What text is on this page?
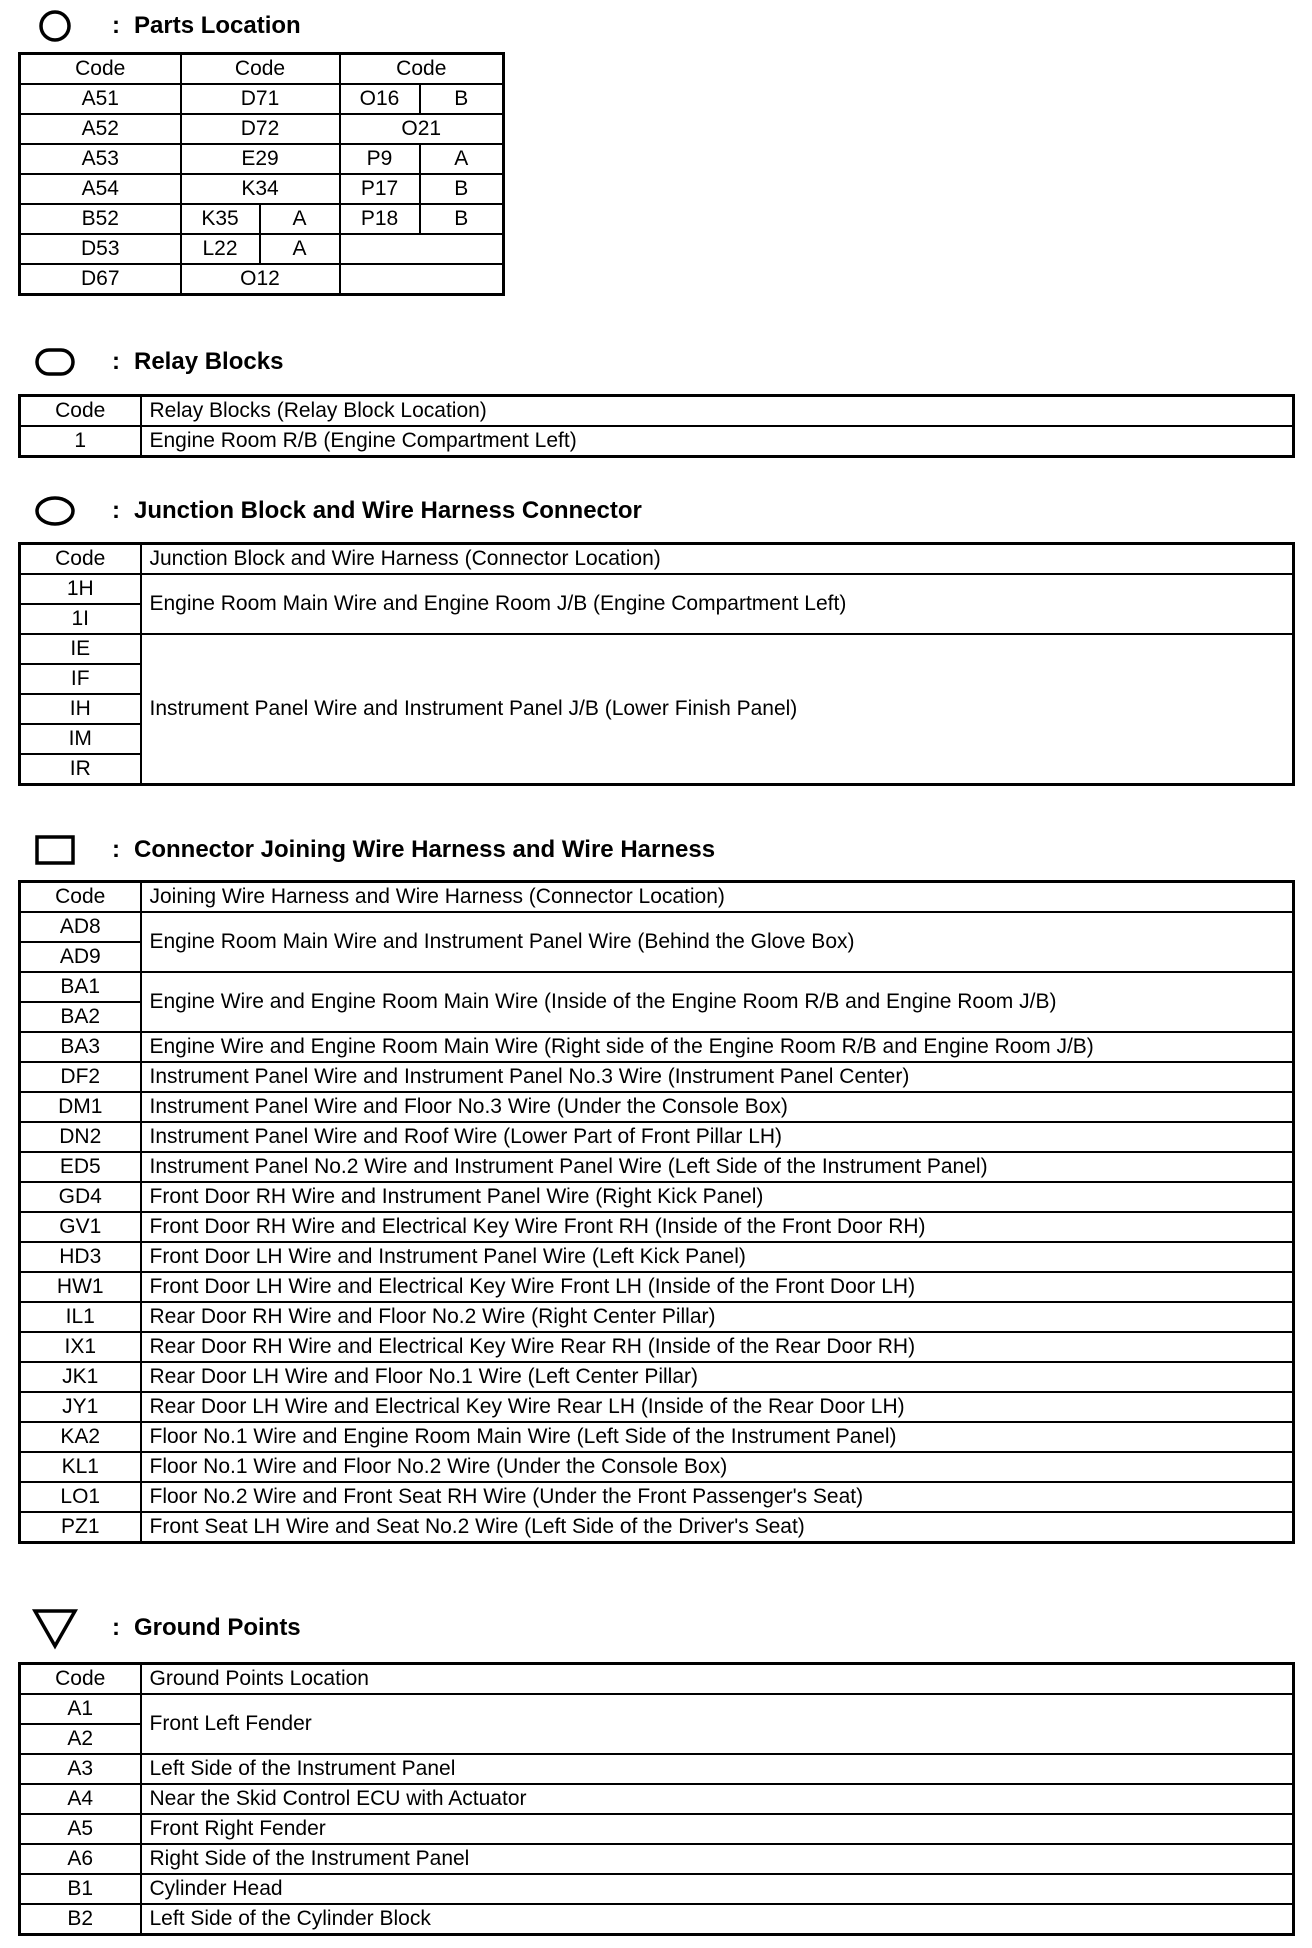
: Parts Location
Code	Code		Code	
A51	D71		O16	B
A52	D72		O21	
A53	E29		P9	A
A54	K34		P17	B
B52	K35	A	P18	B
D53	L22	A		
D67	O12			
: Relay Blocks
Code	Relay Blocks (Relay Block Location)
1	Engine Room R/B (Engine Compartment Left)
: Junction Block and Wire Harness Connector
Code	Junction Block and Wire Harness (Connector Location)
1H	Engine Room Main Wire and Engine Room J/B (Engine Compartment Left)
1I	
IE	Instrument Panel Wire and Instrument Panel J/B (Lower Finish Panel)
IF	
IH	
IM	
IR	
: Connector Joining Wire Harness and Wire Harness
Code	Joining Wire Harness and Wire Harness (Connector Location)
AD8	Engine Room Main Wire and Instrument Panel Wire (Behind the Glove Box)
AD9	
BA1	Engine Wire and Engine Room Main Wire (Inside of the Engine Room R/B and Engine Room J/B)
BA2	
BA3	Engine Wire and Engine Room Main Wire (Right side of the Engine Room R/B and Engine Room J/B)
DF2	Instrument Panel Wire and Instrument Panel No.3 Wire (Instrument Panel Center)
DM1	Instrument Panel Wire and Floor No.3 Wire (Under the Console Box)
DN2	Instrument Panel Wire and Roof Wire (Lower Part of Front Pillar LH)
ED5	Instrument Panel No.2 Wire and Instrument Panel Wire (Left Side of the Instrument Panel)
GD4	Front Door RH Wire and Instrument Panel Wire (Right Kick Panel)
GV1	Front Door RH Wire and Electrical Key Wire Front RH (Inside of the Front Door RH)
HD3	Front Door LH Wire and Instrument Panel Wire (Left Kick Panel)
HW1	Front Door LH Wire and Electrical Key Wire Front LH (Inside of the Front Door LH)
IL1	Rear Door RH Wire and Floor No.2 Wire (Right Center Pillar)
IX1	Rear Door RH Wire and Electrical Key Wire Rear RH (Inside of the Rear Door RH)
JK1	Rear Door LH Wire and Floor No.1 Wire (Left Center Pillar)
JY1	Rear Door LH Wire and Electrical Key Wire Rear LH (Inside of the Rear Door LH)
KA2	Floor No.1 Wire and Engine Room Main Wire (Left Side of the Instrument Panel)
KL1	Floor No.1 Wire and Floor No.2 Wire (Under the Console Box)
LO1	Floor No.2 Wire and Front Seat RH Wire (Under the Front Passenger's Seat)
PZ1	Front Seat LH Wire and Seat No.2 Wire (Left Side of the Driver's Seat)
: Ground Points
Code	Ground Points Location
A1	Front Left Fender
A2	
A3	Left Side of the Instrument Panel
A4	Near the Skid Control ECU with Actuator
A5	Front Right Fender
A6	Right Side of the Instrument Panel
B1	Cylinder Head
B2	Left Side of the Cylinder Block
